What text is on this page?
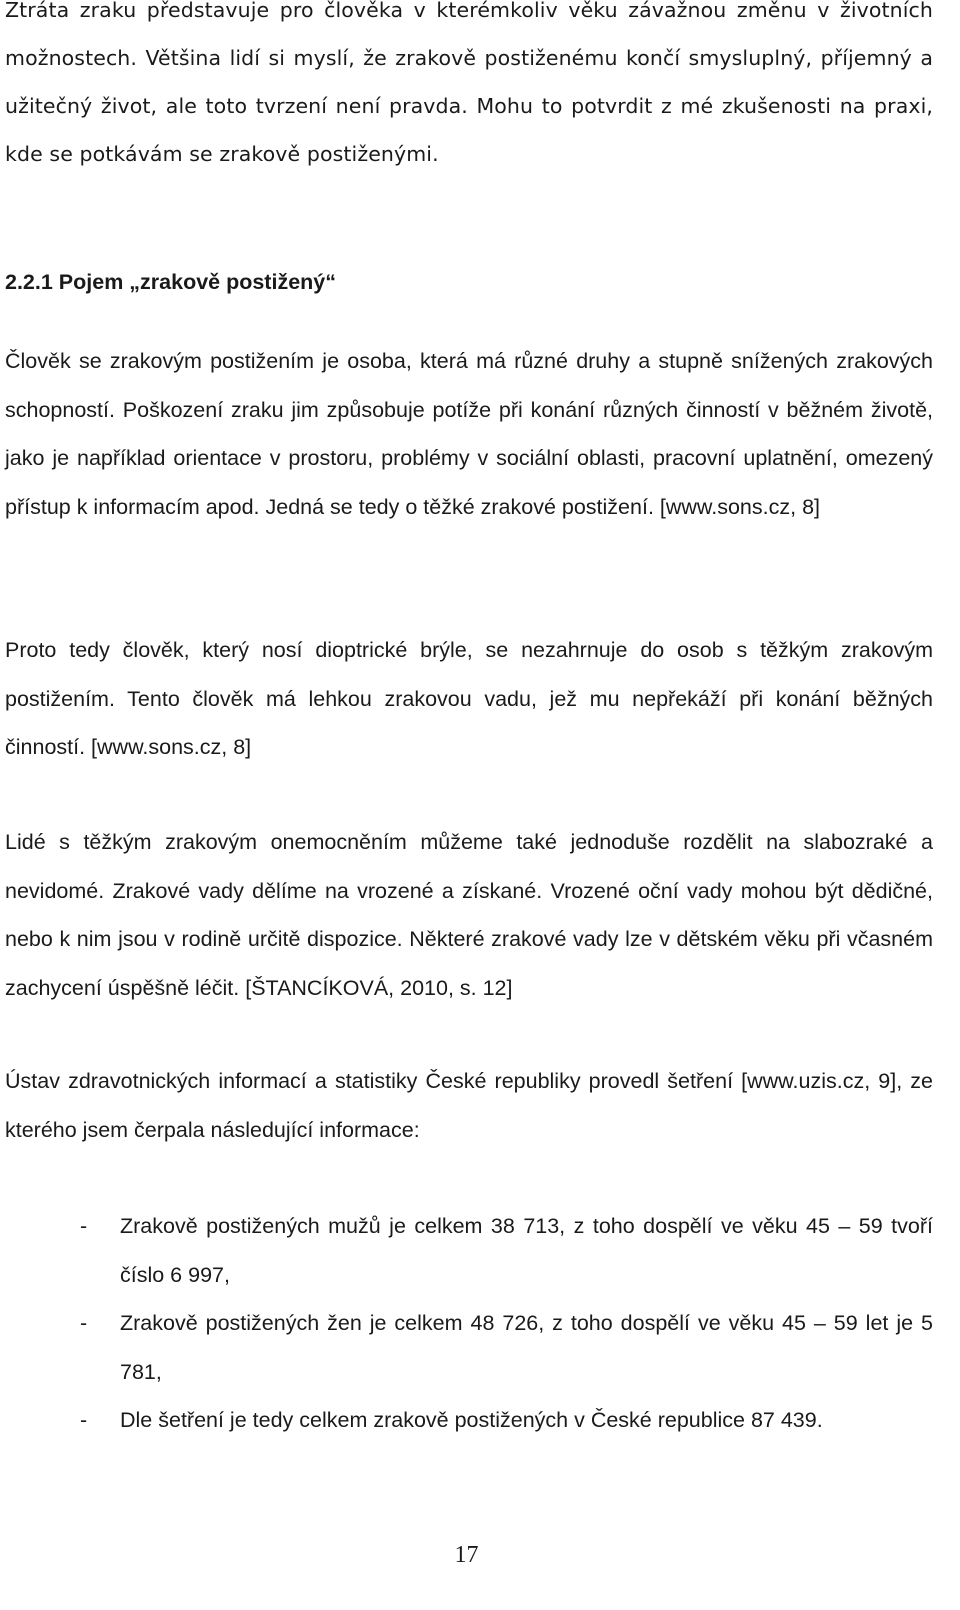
Ztráta zraku představuje pro člověka v kterémkoliv věku závažnou změnu v životních možnostech. Většina lidí si myslí, že zrakově postiženému končí smysluplný, příjemný a užitečný život, ale toto tvrzení není pravda. Mohu to potvrdit z mé zkušenosti na praxi, kde se potkávám se zrakově postiženými.

2.2.1 Pojem „zrakově postižený“

Člověk se zrakovým postižením je osoba, která má různé druhy a stupně snížených zrakových schopností. Poškození zraku jim způsobuje potíže při konání různých činností v běžném životě, jako je například orientace v prostoru, problémy v sociální oblasti, pracovní uplatnění, omezený přístup k informacím apod. Jedná se tedy o těžké zrakové postižení. [www.sons.cz, 8]

Proto tedy člověk, který nosí dioptrické brýle, se nezahrnuje do osob s těžkým zrakovým postižením. Tento člověk má lehkou zrakovou vadu, jež mu nepřekáží při konání běžných činností. [www.sons.cz, 8]

Lidé s těžkým zrakovým onemocněním můžeme také jednoduše rozdělit na slabozraké a nevidomé. Zrakové vady dělíme na vrozené a získané. Vrozené oční vady mohou být dědičné, nebo k nim jsou v rodině určitě dispozice. Některé zrakové vady lze v dětském věku při včasném zachycení úspěšně léčit. [ŠTANCÍKOVÁ, 2010, s. 12]

Ústav zdravotnických informací a statistiky České republiky provedl šetření [www.uzis.cz, 9], ze kterého jsem čerpala následující informace:

- Zrakově postižených mužů je celkem 38 713, z toho dospělí ve věku 45 – 59 tvoří číslo 6 997,
- Zrakově postižených žen je celkem 48 726, z toho dospělí ve věku 45 – 59 let je 5 781,
- Dle šetření je tedy celkem zrakově postižených v České republice 87 439.

17
